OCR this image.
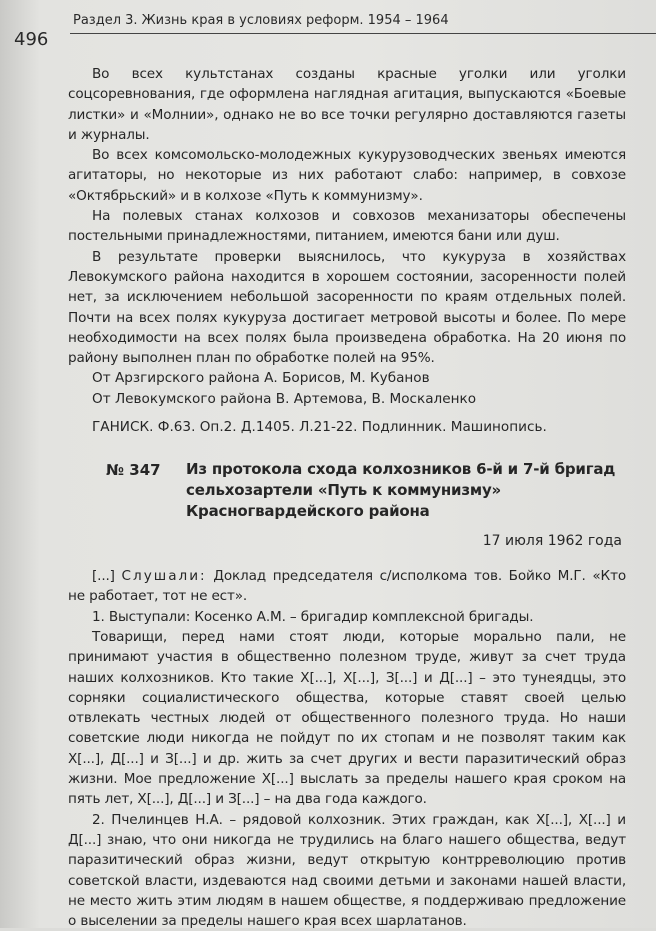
496
Раздел 3. Жизнь края в условиях реформ. 1954 – 1964

Во всех культстанах созданы красные уголки или уголки соцсоревнования, где оформлена наглядная агитация, выпускаются «Боевые листки» и «Молнии», однако не во все точки регулярно доставляются газеты и журналы.

Во всех комсомольско-молодежных кукурузоводческих звеньях имеются агитаторы, но некоторые из них работают слабо: например, в совхозе «Октябрьский» и в колхозе «Путь к коммунизму».

На полевых станах колхозов и совхозов механизаторы обеспечены постельными принадлежностями, питанием, имеются бани или душ.

В результате проверки выяснилось, что кукуруза в хозяйствах Левокумского района находится в хорошем состоянии, засоренности полей нет, за исключением небольшой засоренности по краям отдельных полей. Почти на всех полях кукуруза достигает метровой высоты и более. По мере необходимости на всех полях была произведена обработка. На 20 июня по району выполнен план по обработке полей на 95%.

От Арзгирского района А. Борисов, М. Кубанов

От Левокумского района В. Артемова, В. Москаленко

ГАНИСК. Ф.63. Оп.2. Д.1405. Л.21-22. Подлинник. Машинопись.

№ 347	Из протокола схода колхозников 6-й и 7-й бригад сельхозартели «Путь к коммунизму» Красногвардейского района
17 июля 1962 года

[...] Слушали: Доклад председателя с/исполкома тов. Бойко М.Г. «Кто не работает, тот не ест».

1. Выступали: Косенко А.М. – бригадир комплексной бригады.

Товарищи, перед нами стоят люди, которые морально пали, не принимают участия в общественно полезном труде, живут за счет труда наших колхозников. Кто такие Х[...], Х[...], З[...] и Д[...] – это тунеядцы, это сорняки социалистического общества, которые ставят своей целью отвлекать честных людей от общественного полезного труда. Но наши советские люди никогда не пойдут по их стопам и не позволят таким как Х[...], Д[...] и З[...] и др. жить за счет других и вести паразитический образ жизни. Мое предложение Х[...] выслать за пределы нашего края сроком на пять лет, Х[...], Д[...] и З[...] – на два года каждого.

2. Пчелинцев Н.А. – рядовой колхозник. Этих граждан, как Х[...], Х[...] и Д[...] знаю, что они никогда не трудились на благо нашего общества, ведут паразитический образ жизни, ведут открытую контрреволюцию против советской власти, издеваются над своими детьми и законами нашей власти, не место жить этим людям в нашем обществе, я поддерживаю предложение о выселении за пределы нашего края всех шарлатанов.
